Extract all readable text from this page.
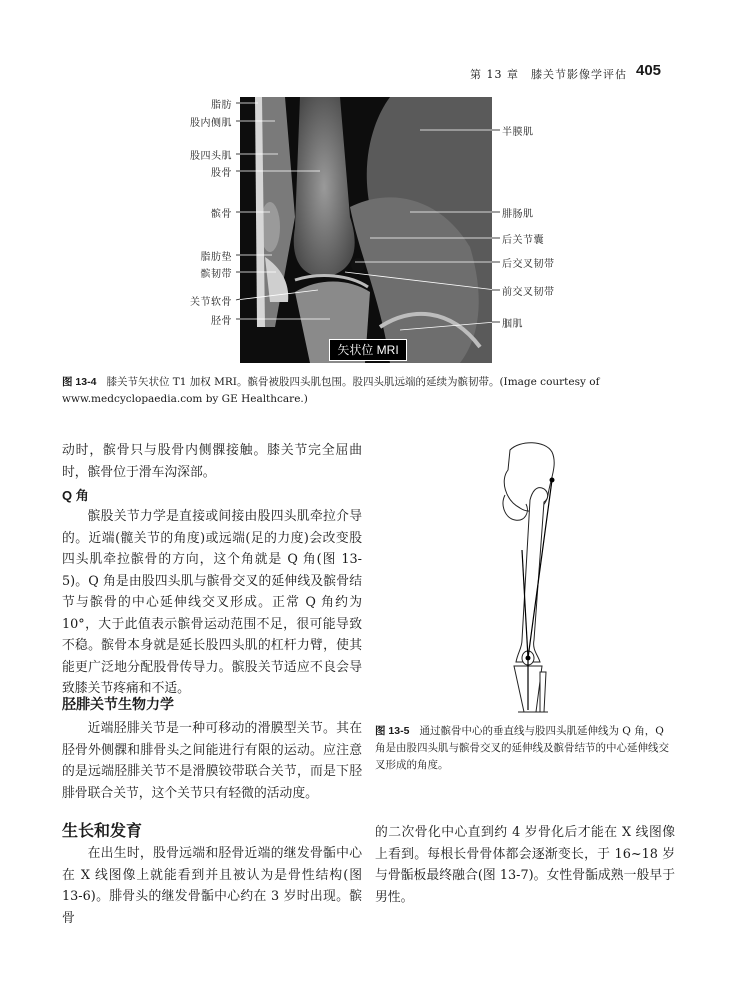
第 13 章　膝关节影像学评估 405
脂肪
股内侧肌
股四头肌
股骨
髌骨
脂肪垫
髌韧带
关节软骨
胫骨
半膜肌
腓肠肌
后关节囊
后交叉韧带
前交叉韧带
腘肌
矢状位 MRI
图 13-4 膝关节矢状位 T1 加权 MRI。髌骨被股四头肌包围。股四头肌远端的延续为髌韧带。(Image courtesy of www.medcyclopaedia.com by GE Healthcare.)
动时，髌骨只与股骨内侧髁接触。膝关节完全屈曲时，髌骨位于滑车沟深部。
Q 角
髌股关节力学是直接或间接由股四头肌牵拉介导的。近端(髋关节的角度)或远端(足的力度)会改变股四头肌牵拉髌骨的方向，这个角就是 Q 角(图 13-5)。Q 角是由股四头肌与髌骨交叉的延伸线及髌骨结节与髌骨的中心延伸线交叉形成。正常 Q 角约为 10°，大于此值表示髌骨运动范围不足，很可能导致不稳。髌骨本身就是延长股四头肌的杠杆力臂，使其能更广泛地分配股骨传导力。髌股关节适应不良会导致膝关节疼痛和不适。
胫腓关节生物力学
近端胫腓关节是一种可移动的滑膜型关节。其在胫骨外侧髁和腓骨头之间能进行有限的运动。应注意的是远端胫腓关节不是滑膜铰带联合关节，而是下胫腓骨联合关节，这个关节只有轻微的活动度。
生长和发育
在出生时，股骨远端和胫骨近端的继发骨骺中心在 X 线图像上就能看到并且被认为是骨性结构(图 13-6)。腓骨头的继发骨骺中心约在 3 岁时出现。髌骨
的二次骨化中心直到约 4 岁骨化后才能在 X 线图像上看到。每根长骨骨体都会逐渐变长，于 16~18 岁与骨骺板最终融合(图 13-7)。女性骨骺成熟一般早于男性。
图 13-5 通过髌骨中心的垂直线与股四头肌延伸线为 Q 角，Q 角是由股四头肌与髌骨交叉的延伸线及髌骨结节的中心延伸线交叉形成的角度。
